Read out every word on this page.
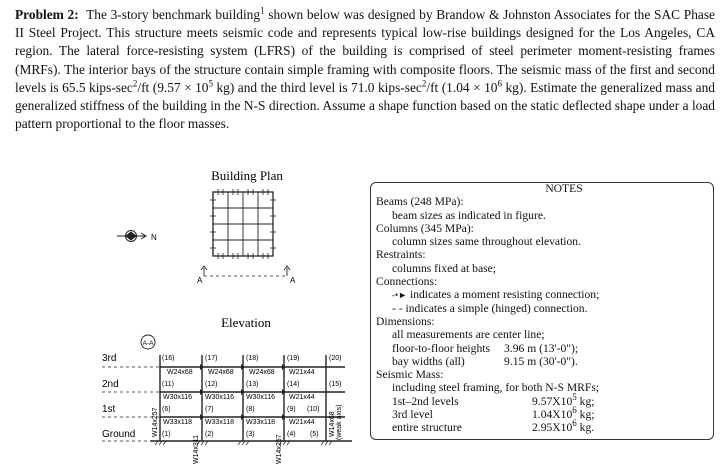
Problem 2: The 3-story benchmark building$^1$ shown below was designed by Brandow & Johnston Associates for the SAC Phase II Steel Project. This structure meets seismic code and represents typical low-rise buildings designed for the Los Angeles, CA region. The lateral force-resisting system (LFRS) of the building is comprised of steel perimeter moment-resisting frames (MRFs). The interior bays of the structure contain simple framing with composite floors. The seismic mass of the first and second levels is 65.5 kips-$\sec^2/ft$ ($9.57 \times 10^5$ kg) and the third level is 71.0 kips-$\sec^2/ft$ ($1.04 \times 10^6$ kg). Estimate the generalized mass and generalized stiffness of the building in the N-S direction. Assume a shape function based on the static deflected shape under a load pattern proportional to the floor masses.
Building Plan
A	A
N
Elevation
A-A
3rd
2nd
1st
Ground
(16)	(17)	(18)	(19)	(20)
(11)	(12)	(13)	(14)	(15)
(6)	(7)	(8)	(9) (10)
(1)	(2)	(3)	(4) (5)
W24x68 W24x68 W24x68 W21x44
W30x116 W30x116 W30x116 W21x44
W33x118 W33x118 W33x118 W21x44
W14x257
W14x311	W14x257
W14x68 (weak axis)
NOTES
Beams (248 MPa):
beam sizes as indicated in figure.
Columns (345 MPa):
column sizes same throughout elevation.
Restraints:
columns fixed at base;
Connections:
-•► indicates a moment resisting connection;
- - indicates a simple (hinged) connection.
Dimensions:
all measurements are center line;
floor-to-floor heights 3.96 m (13'-0");
bay widths (all)	9.15 m (30'-0").
Seismic Mass:
including steel framing, for both N-S MRFs;
1st–2nd levels	$9.57X10^5$ kg;
3rd level	$1.04X10^6$ kg;
entire structure	$2.95X10^6$ kg.
